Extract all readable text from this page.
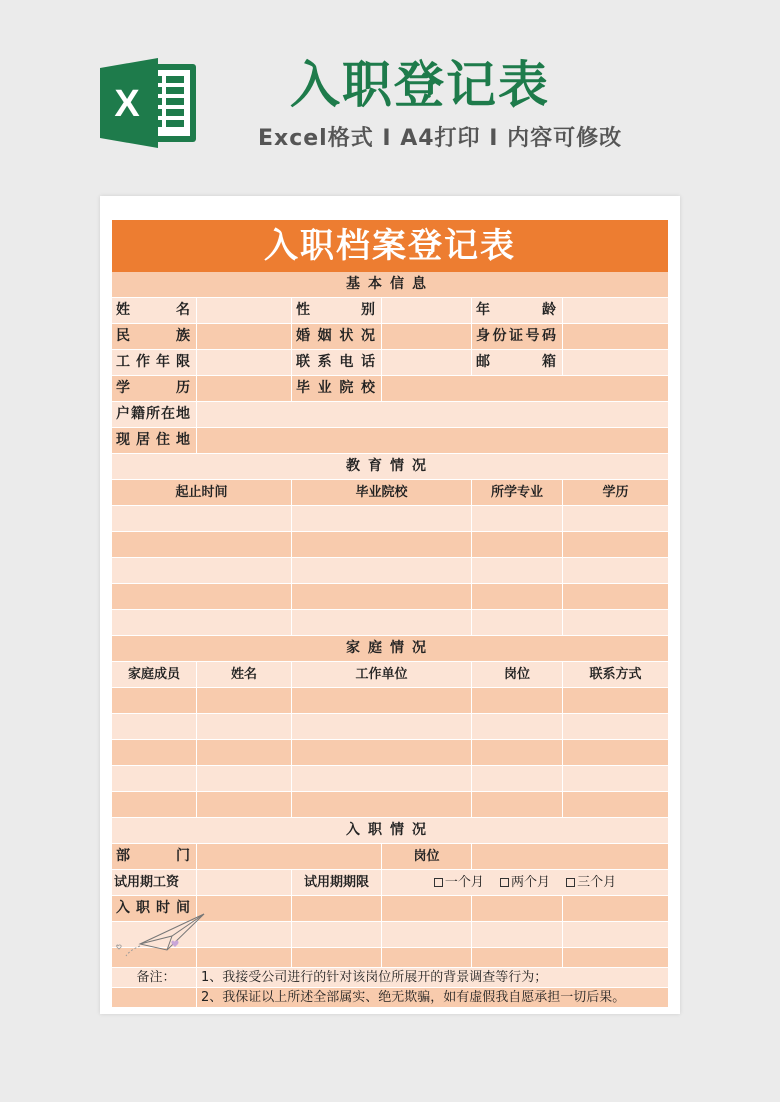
X	入职登记表
Excel格式 I A4打印 I 内容可修改
入职档案登记表
基本信息
姓名	性别	年龄
民族	婚姻状况	身份证号码
工作年限	联系电话	邮箱
学历	毕业院校
户籍所在地
现居住地
教育情况
起止时间	毕业院校	所学专业	学历
家庭情况
家庭成员	姓名	工作单位	岗位	联系方式
入职情况
部门	岗位
试用期工资	试用期期限	一个月 两个月 三个月
入职时间
备注：	1、我接受公司进行的针对该岗位所展开的背景调查等行为；
2、我保证以上所述全部属实、绝无欺骗，如有虚假我自愿承担一切后果。
